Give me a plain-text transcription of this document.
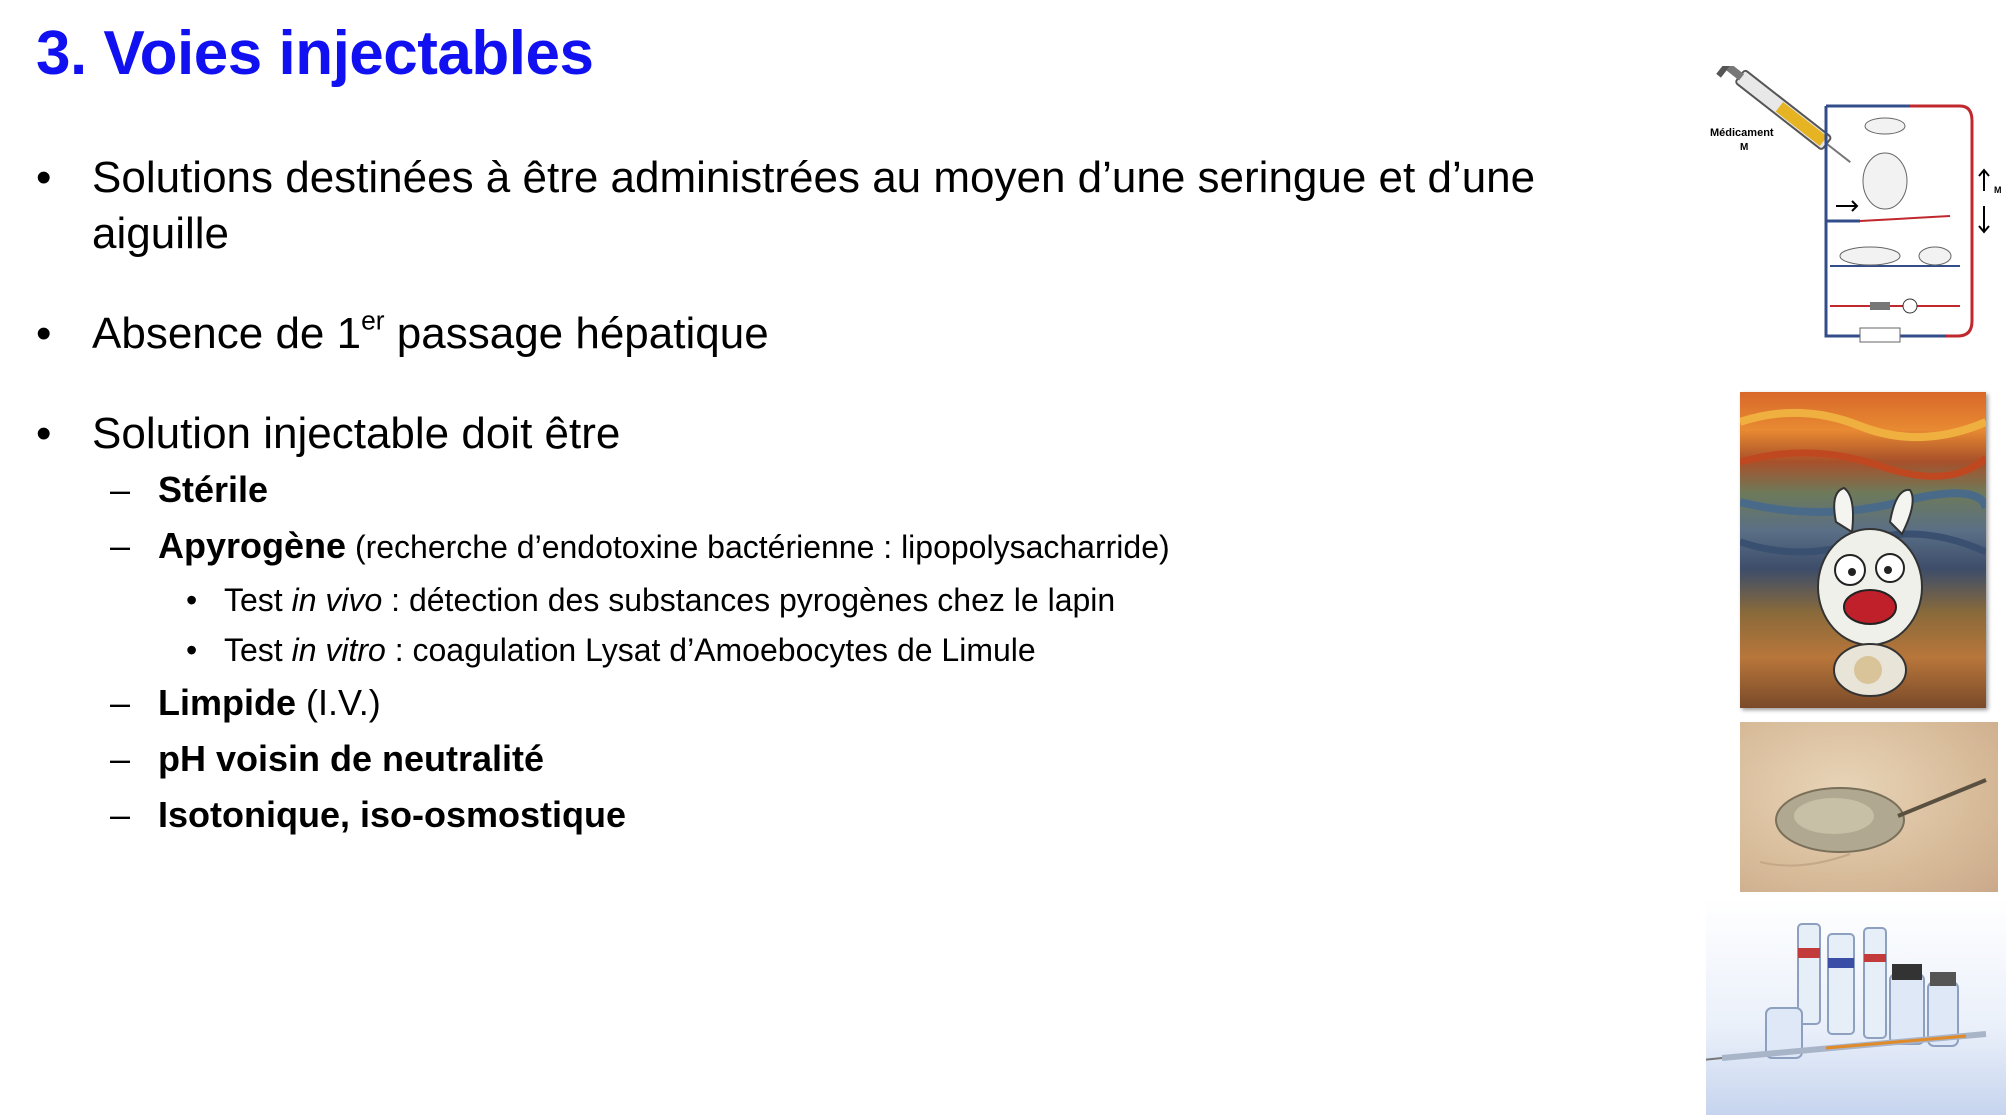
3. Voies injectables
• Solutions destinées à être administrées au moyen d’une seringue et d’une aiguille
• Absence de 1er passage hépatique
• Solution injectable doit être
– Stérile
– Apyrogène (recherche d’endotoxine bactérienne : lipopolysacharride)
• Test in vivo : détection des substances pyrogènes chez le lapin
• Test in vitro : coagulation Lysat d’Amoebocytes de Limule
– Limpide (I.V.)
– pH voisin de neutralité
– Isotonique, iso-osmostique
Médicament
M
M
